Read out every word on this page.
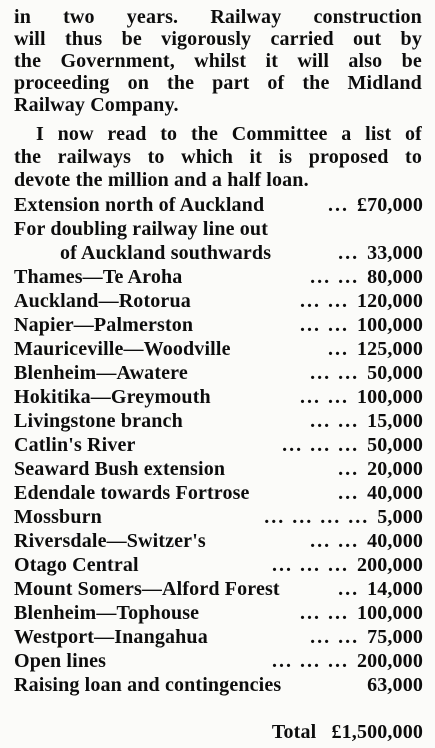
in two years. Railway construction
will thus be vigorously carried out by
the Government, whilst it will also be
proceeding on the part of the Midland
Railway Company.
I now read to the Committee a list of
the railways to which it is proposed to
devote the million and a half loan.
Extension north of Auckland	... £70,000
For doubling railway line out
of Auckland southwards	... 33,000
Thames—Te Aroha	... ... 80,000
Auckland—Rotorua	... ... 120,000
Napier—Palmerston	... ... 100,000
Mauriceville—Woodville	... 125,000
Blenheim—Awatere	... ... 50,000
Hokitika—Greymouth	... ... 100,000
Livingstone branch	... ... 15,000
Catlin's River	... ... ... 50,000
Seaward Bush extension	... 20,000
Edendale towards Fortrose	... 40,000
Mossburn	... ... ... ... 5,000
Riversdale—Switzer's	... ... 40,000
Otago Central	... ... ... 200,000
Mount Somers—Alford Forest	... 14,000
Blenheim—Tophouse	... ... 100,000
Westport—Inangahua	... ... 75,000
Open lines	... ... ... 200,000
Raising loan and contingencies	63,000
Total £1,500,000
